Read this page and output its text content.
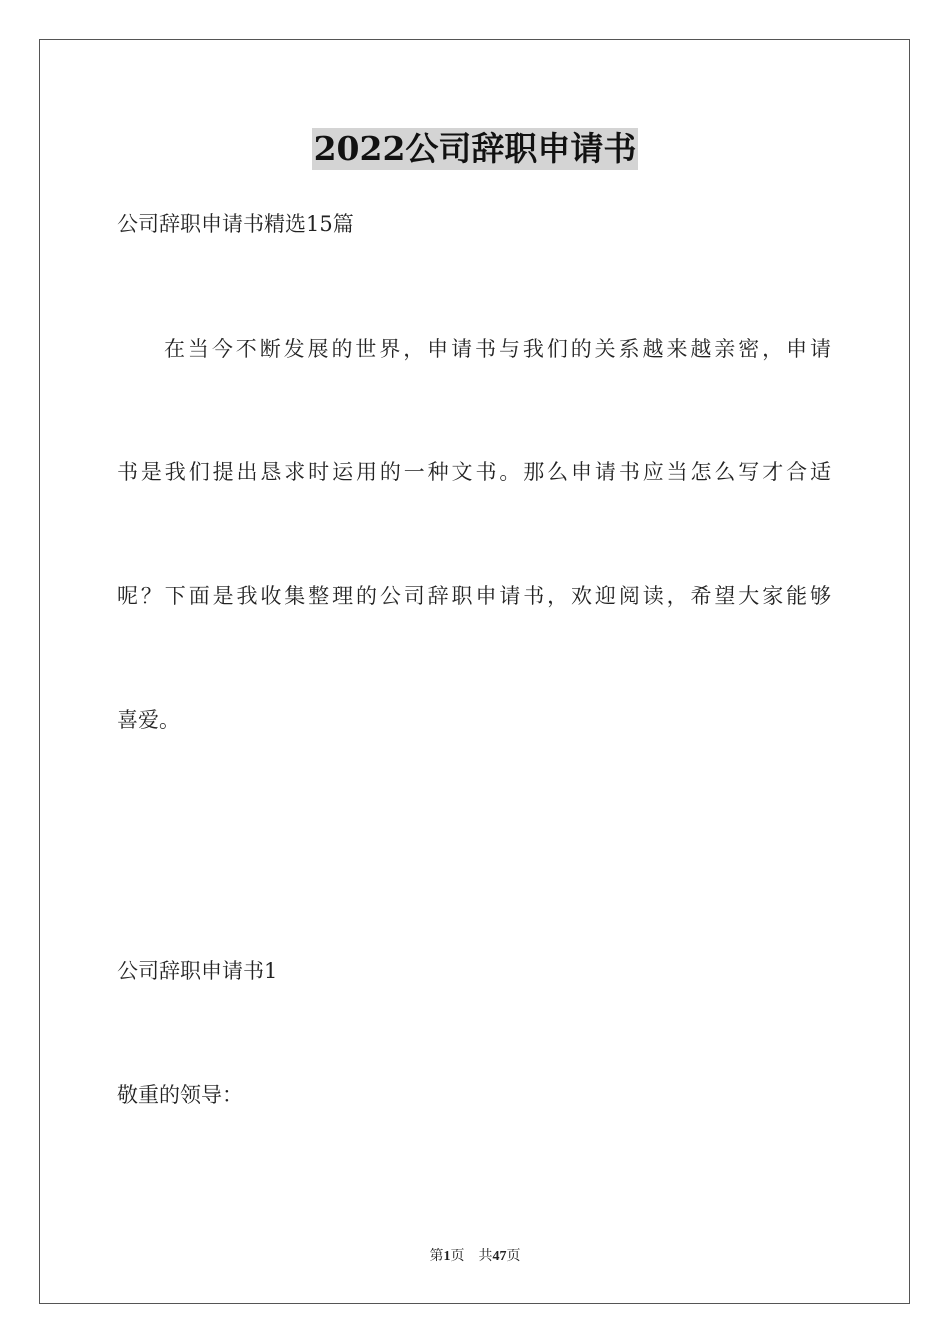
2022公司辞职申请书

公司辞职申请书精选15篇

在当今不断发展的世界，申请书与我们的关系越来越亲密，申请

书是我们提出恳求时运用的一种文书。那么申请书应当怎么写才合适

呢？下面是我收集整理的公司辞职申请书，欢迎阅读，希望大家能够

喜爱。

公司辞职申请书1

敬重的领导：

第1页 共47页
